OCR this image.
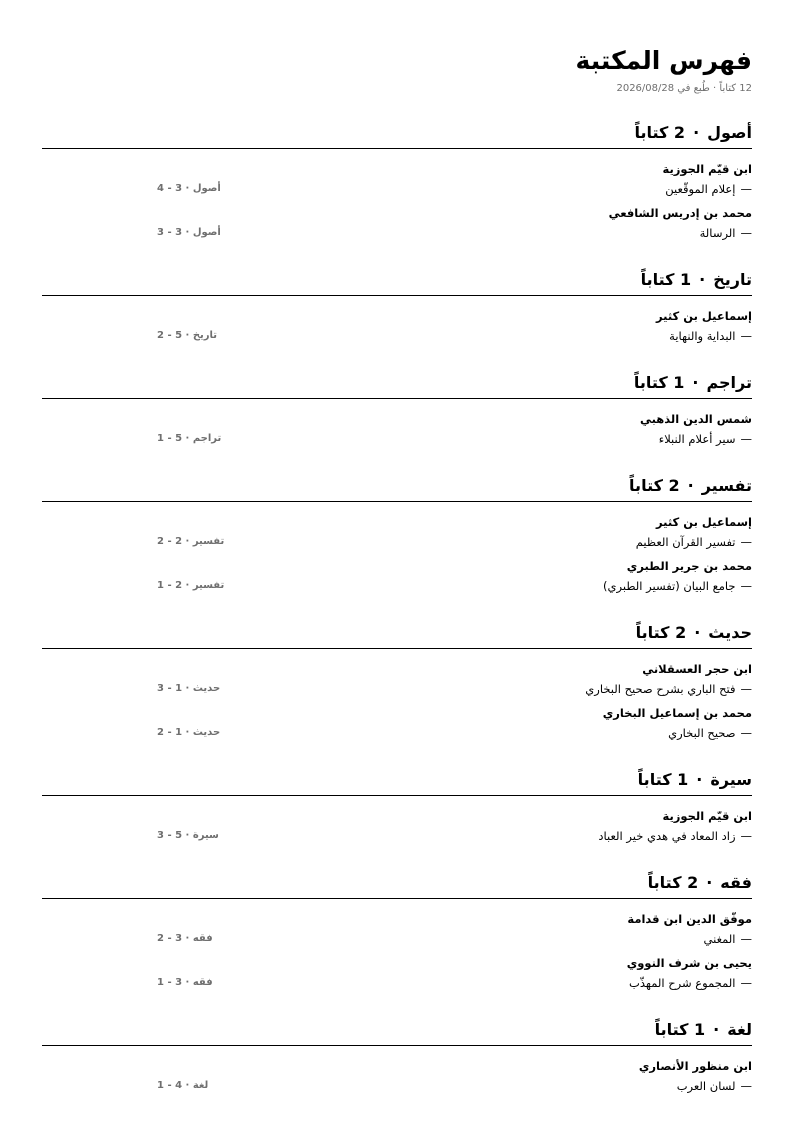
فهرس المكتبة

12 كتاباً · طُبع في 2026/08/28

أصول·2 كتاباً
ابن قيّم الجوزية
—
إعلام الموقّعين
أصول · 3 - 4
محمد بن إدريس الشافعي
—
الرسالة
أصول · 3 - 3
تاريخ·1 كتاباً
إسماعيل بن كثير
—
البداية والنهاية
تاريخ · 5 - 2
تراجم·1 كتاباً
شمس الدين الذهبي
—
سير أعلام النبلاء
تراجم · 5 - 1
تفسير·2 كتاباً
إسماعيل بن كثير
—
تفسير القرآن العظيم
تفسير · 2 - 2
محمد بن جرير الطبري
—
جامع البيان (تفسير الطبري)
تفسير · 2 - 1
حديث·2 كتاباً
ابن حجر العسقلاني
—
فتح الباري بشرح صحيح البخاري
حديث · 1 - 3
محمد بن إسماعيل البخاري
—
صحيح البخاري
حديث · 1 - 2
سيرة·1 كتاباً
ابن قيّم الجوزية
—
زاد المعاد في هدي خير العباد
سيرة · 5 - 3
فقه·2 كتاباً
موفّق الدين ابن قدامة
—
المغني
فقه · 3 - 2
يحيى بن شرف النووي
—
المجموع شرح المهذّب
فقه · 3 - 1
لغة·1 كتاباً
ابن منظور الأنصاري
—
لسان العرب
لغة · 4 - 1
